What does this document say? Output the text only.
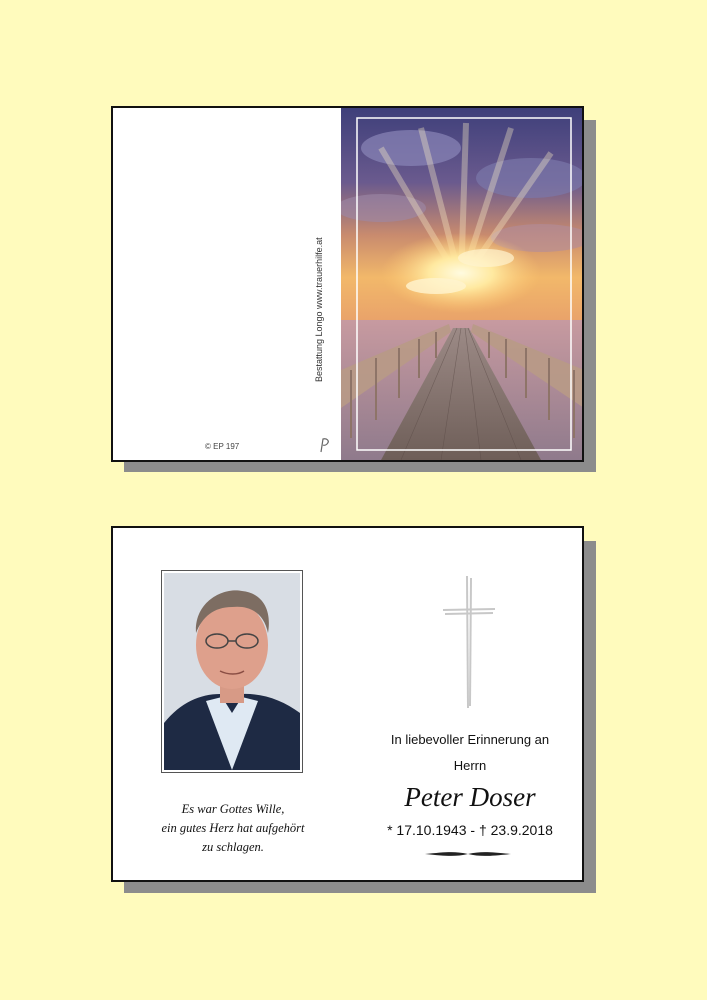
Bestattung Longo www.trauerhilfe.at
© EP 197
Es war Gottes Wille,
ein gutes Herz hat aufgehört
zu schlagen.
In liebevoller Erinnerung an
Herrn
Peter Doser
* 17.10.1943 - † 23.9.2018
